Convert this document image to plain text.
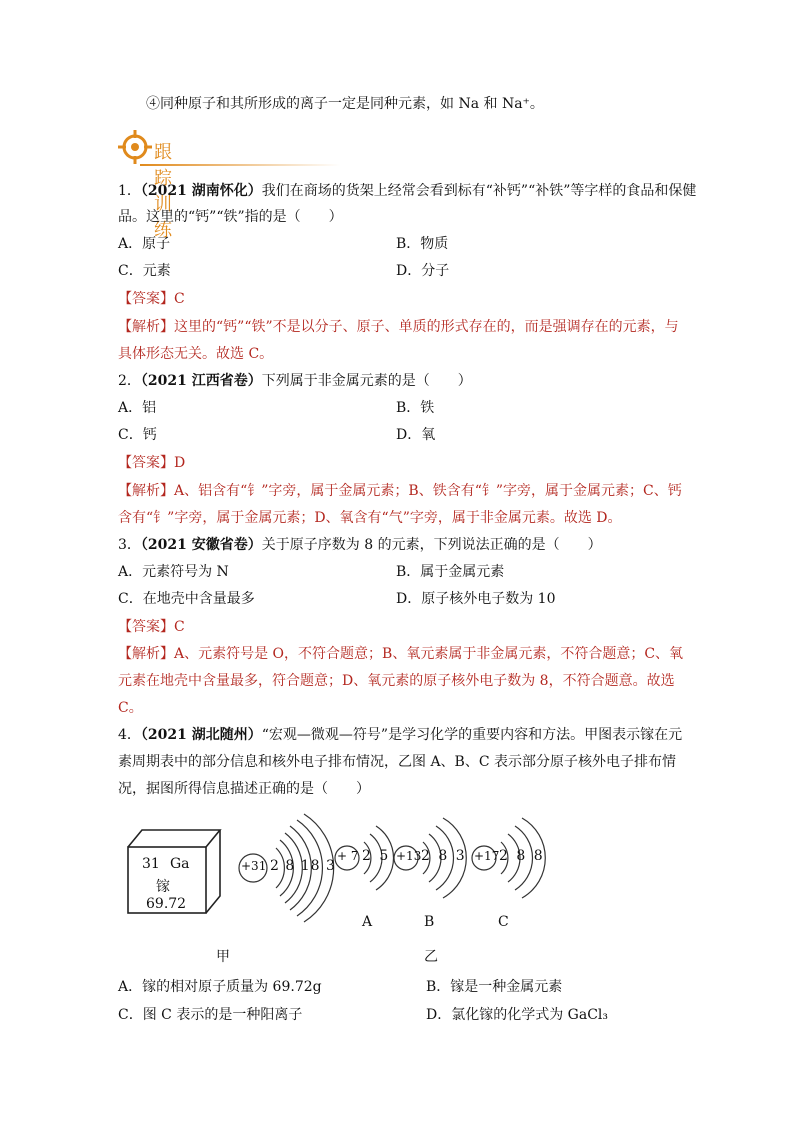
④同种原子和其所形成的离子一定是同种元素，如 Na 和 Na⁺。
跟踪训练
1．（2021 湖南怀化）我们在商场的货架上经常会看到标有“补钙”“补铁”等字样的食品和保健
品。这里的“钙”“铁”指的是（　　）
A．原子	B．物质
C．元素	D．分子
【答案】C
【解析】这里的“钙”“铁”不是以分子、原子、单质的形式存在的，而是强调存在的元素，与
具体形态无关。故选 C。
2．（2021 江西省卷）下列属于非金属元素的是（　　）
A．铝	B．铁
C．钙	D．氧
【答案】D
【解析】A、铝含有“钅”字旁，属于金属元素；B、铁含有“钅”字旁，属于金属元素；C、钙
含有“钅”字旁，属于金属元素；D、氧含有“气”字旁，属于非金属元素。故选 D。
3．（2021 安徽省卷）关于原子序数为 8 的元素，下列说法正确的是（　　）
A．元素符号为 N	B．属于金属元素
C．在地壳中含量最多	D．原子核外电子数为 10
【答案】C
【解析】A、元素符号是 O，不符合题意；B、氧元素属于非金属元素，不符合题意；C、氧
元素在地壳中含量最多，符合题意；D、氧元素的原子核外电子数为 8，不符合题意。故选
C。
4．（2021 湖北随州）“宏观—微观—符号”是学习化学的重要内容和方法。甲图表示镓在元
素周期表中的部分信息和核外电子排布情况，乙图 A、B、C 表示部分原子核外电子排布情
况，据图所得信息描述正确的是（　　）
31 Ga
镓
69.72
+31 2 8 18 3
+ 7 2 5
A
+13 2 8 3
B
+17 2 8 8
C
甲	乙
A．镓的相对原子质量为 69.72g	B．镓是一种金属元素
C．图 C 表示的是一种阳离子	D．氯化镓的化学式为 GaCl₃
